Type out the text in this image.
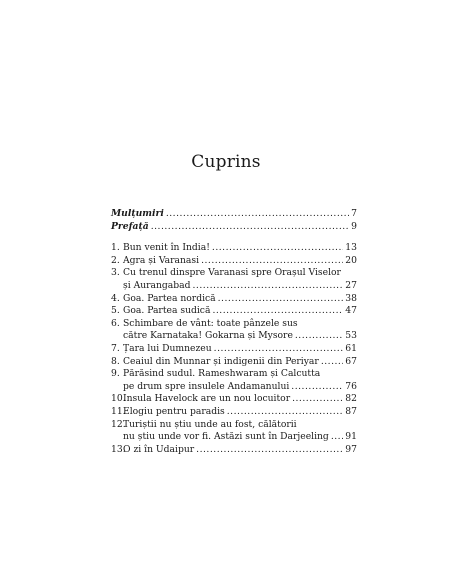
Cuprins
Mulțumiri .....	7
Prefață .....	9
1. Bun venit în India! .....	13
2. Agra și Varanasi .....	20
3. Cu trenul dinspre Varanasi spre Orașul Viselor
și Aurangabad .....	27
4. Goa. Partea nordică .....	38
5. Goa. Partea sudică .....	47
6. Schimbare de vânt: toate pânzele sus
către Karnataka! Gokarna și Mysore .....	53
7. Țara lui Dumnezeu .....	61
8. Ceaiul din Munnar și indigenii din Periyar .....	67
9. Părăsind sudul. Rameshwaram și Calcutta
pe drum spre insulele Andamanului .....	76
10.
Insula Havelock are un nou locuitor .....	82
11.
Elogiu pentru paradis .....	87
12.
Turiștii nu știu unde au fost, călătorii
nu știu unde vor fi. Astăzi sunt în Darjeeling ..... 91
13.
O zi în Udaipur .....	97
